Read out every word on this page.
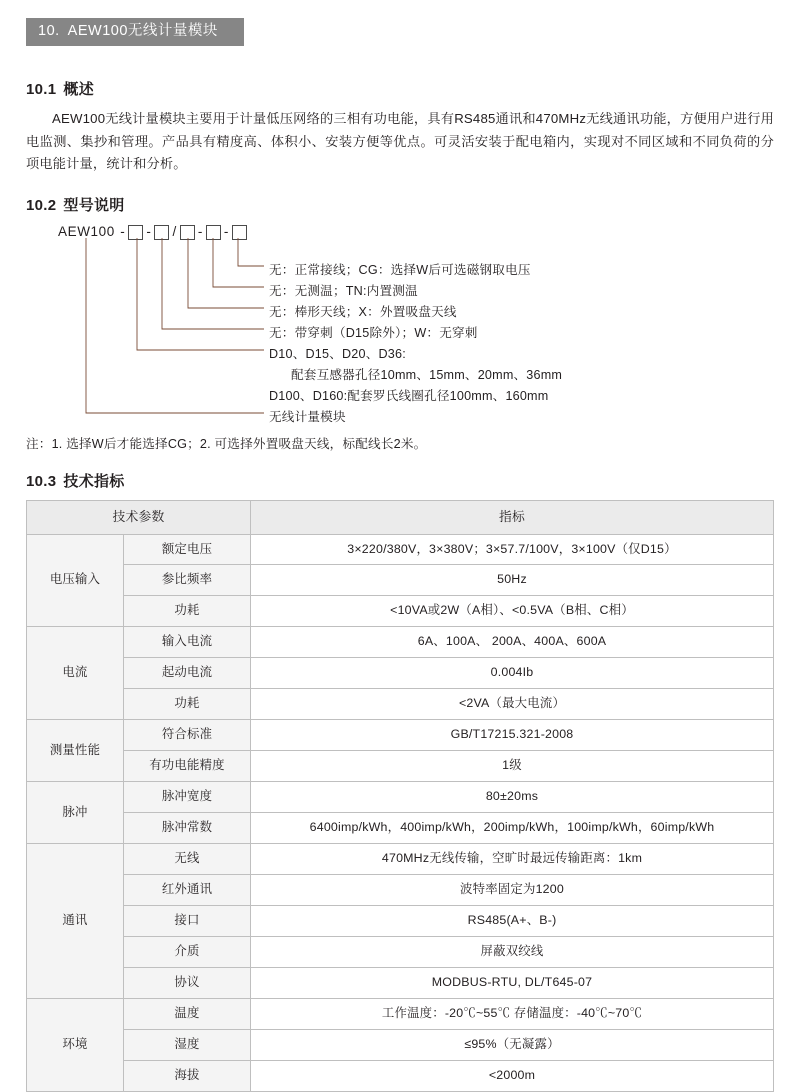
10. AEW100无线计量模块
10.1 概述

AEW100无线计量模块主要用于计量低压网络的三相有功电能，具有RS485通讯和470MHz无线通讯功能，方便用户进行用电监测、集抄和管理。产品具有精度高、体积小、安装方便等优点。可灵活安装于配电箱内，实现对不同区域和不同负荷的分项电能计量，统计和分析。

10.2 型号说明
AEW100 - - / - -
无：正常接线；CG：选择W后可选磁钢取电压
无：无测温；TN:内置测温
无：棒形天线；X：外置吸盘天线
无：带穿刺（D15除外）；W：无穿刺
D10、D15、D20、D36:
配套互感器孔径10mm、15mm、20mm、36mm
D100、D160:配套罗氏线圈孔径100mm、160mm
无线计量模块

注：1. 选择W后才能选择CG；2. 可选择外置吸盘天线，标配线长2米。

10.3 技术指标
技术参数		指标
电压输入	额定电压	3×220/380V，3×380V；3×57.7/100V，3×100V（仅D15）
	参比频率	50Hz
	功耗	<10VA或2W（A相）、<0.5VA（B相、C相）
电流	输入电流	6A、100A、 200A、400A、600A
	起动电流	0.004Ib
	功耗	<2VA（最大电流）
测量性能	符合标准	GB/T17215.321-2008
	有功电能精度	1级
脉冲	脉冲宽度	80±20ms
	脉冲常数	6400imp/kWh，400imp/kWh，200imp/kWh，100imp/kWh，60imp/kWh
通讯	无线	470MHz无线传输，空旷时最远传输距离：1km
	红外通讯	波特率固定为1200
	接口	RS485(A+、B-)
	介质	屏蔽双绞线
	协议	MODBUS-RTU, DL/T645-07
环境	温度	工作温度：-20℃~55℃ 存储温度：-40℃~70℃
	湿度	≤95%（无凝露）
	海拔	<2000m
